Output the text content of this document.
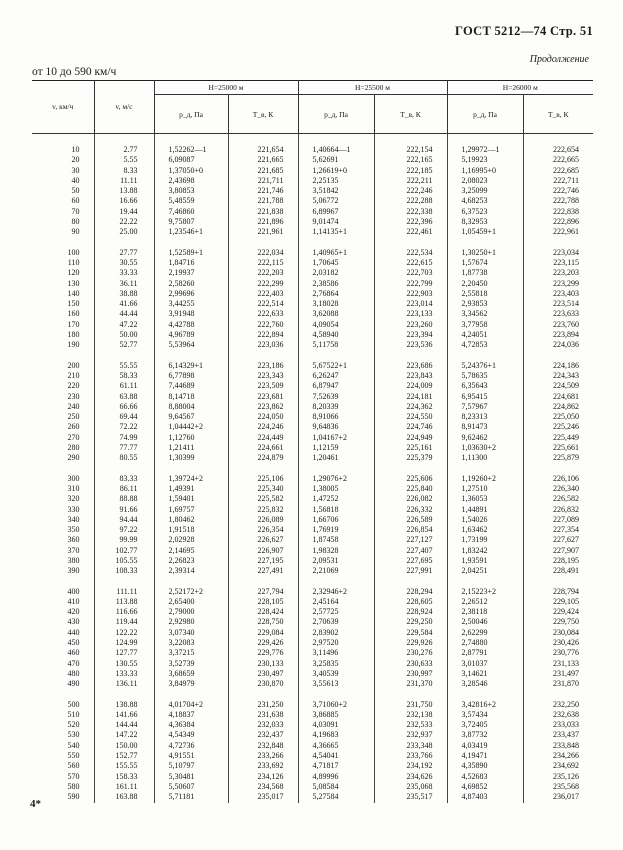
ГОСТ 5212—74 Стр. 51
Продолжение
от 10 до 590 км/ч
v, км/ч	v, м/с	H=25000 м		H=25500 м		H=26000 м	
		p_д, Па	T_в, К	p_д, Па	T_в, К	p_д, Па	T_в, К

10	2.77	1,52262—1	221,654	1,40664—1	222,154	1,29972—1	222,654
20	5.55	6,09087	221,665	5,62691	222,165	5,19923	222,665
30	8.33	1,37050+0	221,685	1,26619+0	222,185	1,16995+0	222,685
40	11.11	2,43698	221,711	2,25135	222,211	2,08023	222,711
50	13.88	3,80853	221,746	3,51842	222,246	3,25099	222,746
60	16.66	5,48559	221,788	5,06772	222,288	4,68253	222,788
70	19.44	7,46860	221,838	6,89967	222,338	6,37523	222,838
80	22.22	9,75807	221,896	9,01474	222,396	8,32953	222,896
90	25.00	1,23546+1	221,961	1,14135+1	222,461	1,05459+1	222,961

100	27.77	1,52589+1	222,034	1,40965+1	222,534	1,30250+1	223,034
110	30.55	1,84716	222,115	1,70645	222,615	1,57674	223,115
120	33.33	2,19937	222,203	2,03182	222,703	1,87738	223,203
130	36.11	2,58260	222,299	2,38586	222,799	2,20450	223,299
140	38.88	2,99696	222,403	2,76864	222,903	2,55818	223,403
150	41.66	3,44255	222,514	3,18028	223,014	2,93853	223,514
160	44.44	3,91948	222,633	3,62088	223,133	3,34562	223,633
170	47.22	4,42788	222,760	4,09054	223,260	3,77958	223,760
180	50.00	4,96789	222,894	4,58940	223,394	4,24051	223,894
190	52.77	5,53964	223,036	5,11758	223,536	4,72853	224,036

200	55.55	6,14329+1	223,186	5,67522+1	223,686	5,24376+1	224,186
210	58.33	6,77898	223,343	6,26247	223,843	5,78635	224,343
220	61.11	7,44689	223,509	6,87947	224,009	6,35643	224,509
230	63.88	8,14718	223,681	7,52639	224,181	6,95415	224,681
240	66.66	8,88004	223,862	8,20339	224,362	7,57967	224,862
250	69.44	9,64567	224,050	8,91066	224,550	8,23313	225,050
260	72.22	1,04442+2	224,246	9,64836	224,746	8,91473	225,246
270	74.99	1,12760	224,449	1,04167+2	224,949	9,62462	225,449
280	77.77	1,21411	224,661	1,12159	225,161	1,03630+2	225,661
290	80.55	1,30399	224,879	1,20461	225,379	1,11300	225,879

300	83.33	1,39724+2	225,106	1,29076+2	225,606	1,19260+2	226,106
310	86.11	1,49391	225,340	1,38005	225,840	1,27510	226,340
320	88.88	1,59401	225,582	1,47252	226,082	1,36053	226,582
330	91.66	1,69757	225,832	1,56818	226,332	1,44891	226,832
340	94.44	1,80462	226,089	1,66706	226,589	1,54026	227,089
350	97.22	1,91518	226,354	1,76919	226,854	1,63462	227,354
360	99.99	2,02928	226,627	1,87458	227,127	1,73199	227,627
370	102.77	2,14695	226,907	1,98328	227,407	1,83242	227,907
380	105.55	2,26823	227,195	2,09531	227,695	1,93591	228,195
390	108.33	2,39314	227,491	2,21069	227,991	2,04251	228,491

400	111.11	2,52172+2	227,794	2,32946+2	228,294	2,15223+2	228,794
410	113.88	2,65400	228,105	2,45164	228,605	2,26512	229,105
420	116.66	2,79000	228,424	2,57725	228,924	2,38118	229,424
430	119.44	2,92980	228,750	2,70639	229,250	2,50046	229,750
440	122.22	3,07340	229,084	2,83902	229,584	2,62299	230,084
450	124.99	3,22083	229,426	2,97520	229,926	2,74880	230,426
460	127.77	3,37215	229,776	3,11496	230,276	2,87791	230,776
470	130.55	3,52739	230,133	3,25835	230,633	3,01037	231,133
480	133.33	3,68659	230,497	3,40539	230,997	3,14621	231,497
490	136.11	3,84979	230,870	3,55613	231,370	3,28546	231,870

500	138.88	4,01704+2	231,250	3,71060+2	231,750	3,42816+2	232,250
510	141.66	4,18837	231,638	3,86885	232,138	3,57434	232,638
520	144.44	4,36384	232,033	4,03091	232,533	3,72405	233,033
530	147.22	4,54349	232,437	4,19683	232,937	3,87732	233,437
540	150.00	4,72736	232,848	4,36665	233,348	4,03419	233,848
550	152.77	4,91551	233,266	4,54041	233,766	4,19471	234,266
560	155.55	5,10797	233,692	4,71817	234,192	4,35890	234,692
570	158.33	5,30481	234,126	4,89996	234,626	4,52683	235,126
580	161.11	5,50607	234,568	5,08584	235,068	4,69852	235,568
590	163.88	5,71181	235,017	5,27584	235,517	4,87403	236,017
4*
